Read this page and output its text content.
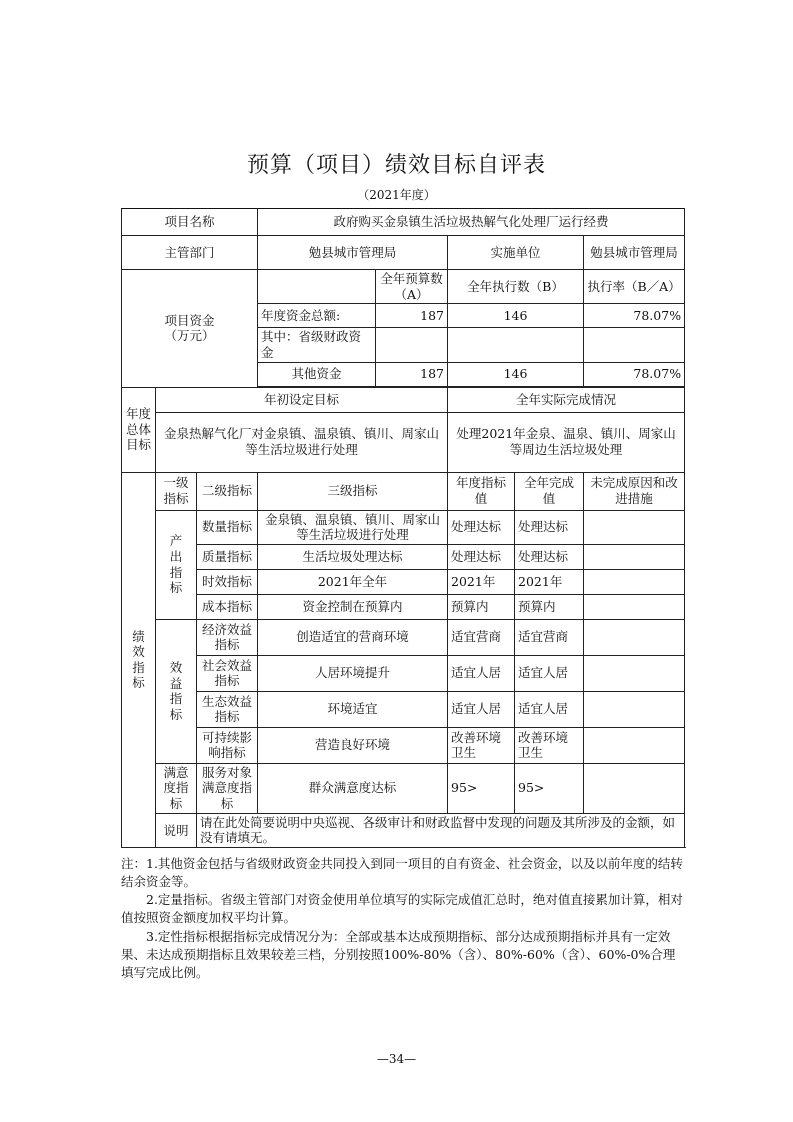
预算（项目）绩效目标自评表
（2021年度）
项目名称			政府购买金泉镇生活垃圾热解气化处理厂运行经费				
主管部门			勉县城市管理局		实施单位		勉县城市管理局
项目资金
（万元）				全年预算数（A）	全年执行数（B）		执行率（B／A）
			年度资金总额:	187	146		78.07%
			其中：省级财政资金				
			其他资金	187	146		78.07%

年度总体目标	年初设定目标				全年实际完成情况		
	金泉热解气化厂对金泉镇、温泉镇、镇川、周家山等生活垃圾进行处理				处理2021年金泉、温泉、镇川、周家山等周边生活垃圾处理		
绩效指标	一级指标	二级指标	三级指标		年度指标值	全年完成值	未完成原因和改进措施
	产出指标	数量指标	金泉镇、温泉镇、镇川、周家山等生活垃圾进行处理		处理达标	处理达标	
		质量指标	生活垃圾处理达标		处理达标	处理达标	
		时效指标	2021年全年		2021年	2021年	
		成本指标	资金控制在预算内		预算内	预算内	
	效益指标	经济效益指标	创造适宜的营商环境		适宜营商	适宜营商	
		社会效益指标	人居环境提升		适宜人居	适宜人居	
		生态效益指标	环境适宜		适宜人居	适宜人居	
		可持续影响指标	营造良好环境		改善环境卫生	改善环境卫生	
	满意度指标	服务对象满意度指标	群众满意度达标		95>	95>	
	说明	请在此处简要说明中央巡视、各级审计和财政监督中发现的问题及其所涉及的金额，如没有请填无。					

注：1.其他资金包括与省级财政资金共同投入到同一项目的自有资金、社会资金，以及以前年度的结转结余资金等。

2.定量指标。省级主管部门对资金使用单位填写的实际完成值汇总时，绝对值直接累加计算，相对值按照资金额度加权平均计算。

3.定性指标根据指标完成情况分为：全部或基本达成预期指标、部分达成预期指标并具有一定效果、未达成预期指标且效果较差三档，分别按照100%-80%（含）、80%-60%（含）、60%-0%合理填写完成比例。

—34—
